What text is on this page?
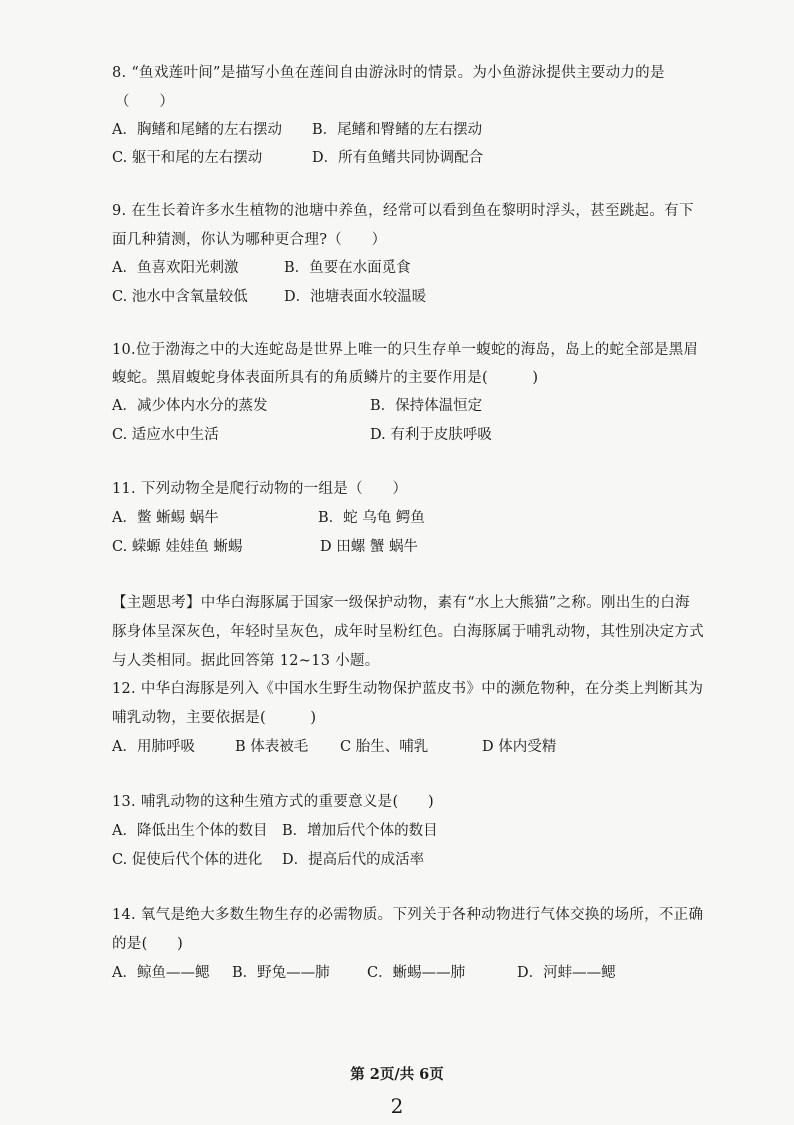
8. “鱼戏莲叶间”是描写小鱼在莲间自由游泳时的情景。为小鱼游泳提供主要动力的是
（　　）
A．胸鳍和尾鳍的左右摆动 B．尾鳍和臀鳍的左右摆动
C. 躯干和尾的左右摆动	D．所有鱼鳍共同协调配合
9. 在生长着许多水生植物的池塘中养鱼，经常可以看到鱼在黎明时浮头，甚至跳起。有下
面几种猜测，你认为哪种更合理?（　　）
A．鱼喜欢阳光刺激	B．鱼要在水面觅食
C. 池水中含氧量较低 D．池塘表面水较温暖
10.位于渤海之中的大连蛇岛是世界上唯一的只生存单一蝮蛇的海岛，岛上的蛇全部是黑眉
蝮蛇。黑眉蝮蛇身体表面所具有的角质鳞片的主要作用是(　　　)
A．减少体内水分的蒸发	B．保持体温恒定
C. 适应水中生活	D. 有利于皮肤呼吸
11. 下列动物全是爬行动物的一组是（　　）
A．鳖 蜥蜴 蜗牛	B．蛇 乌龟 鳄鱼
C. 蝾螈 娃娃鱼 蜥蜴	D 田螺 蟹 蜗牛
【主题思考】中华白海豚属于国家一级保护动物，素有“水上大熊猫”之称。刚出生的白海
豚身体呈深灰色，年轻时呈灰色，成年时呈粉红色。白海豚属于哺乳动物，其性别决定方式
与人类相同。据此回答第 12~13 小题。
12. 中华白海豚是列入《中国水生野生动物保护蓝皮书》中的濒危物种，在分类上判断其为
哺乳动物，主要依据是(　　　)
A．用肺呼吸	B 体表被毛 C 胎生、哺乳	D 体内受精
13. 哺乳动物的这种生殖方式的重要意义是(　　)
A．降低出生个体的数目 B．增加后代个体的数目
C. 促使后代个体的进化 D．提高后代的成活率
14. 氧气是绝大多数生物生存的必需物质。下列关于各种动物进行气体交换的场所，不正确
的是(　　)
A．鲸鱼——鳃 B．野兔——肺	C．蜥蜴——肺	D．河蚌——鳃
第 2页/共 6页
2
